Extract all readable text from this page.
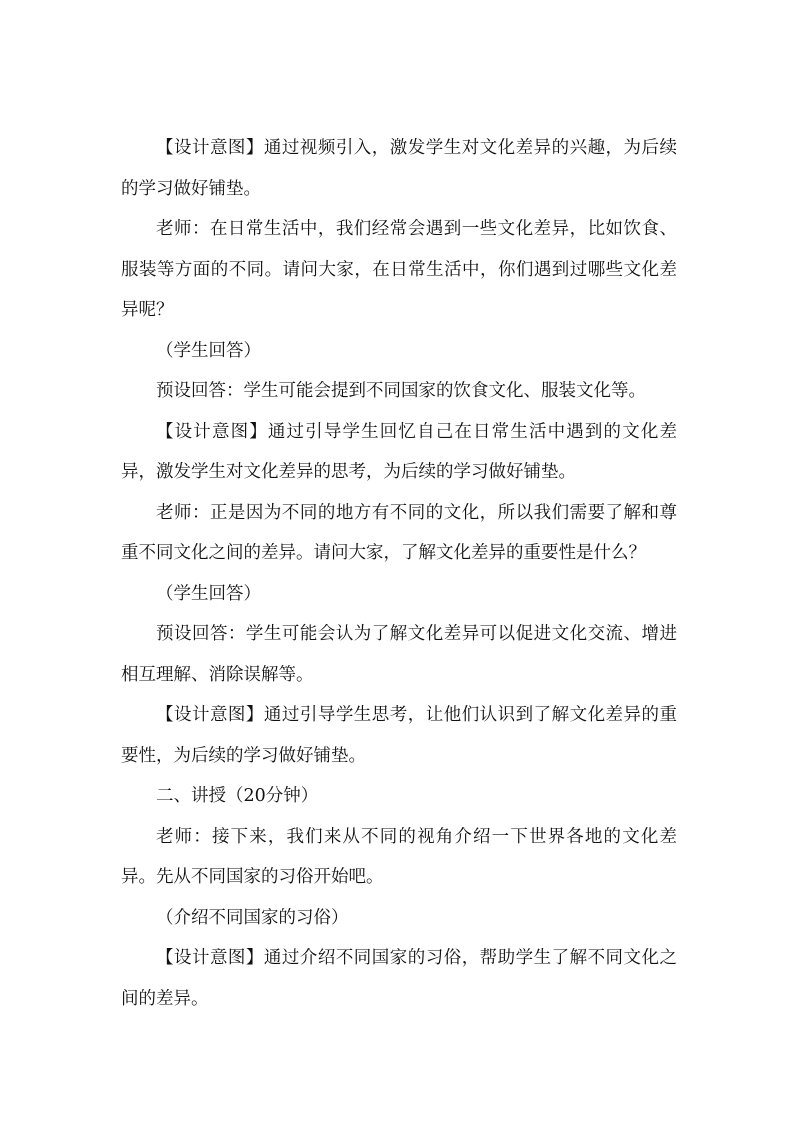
【设计意图】通过视频引入，激发学生对文化差异的兴趣，为后续的学习做好铺垫。

老师：在日常生活中，我们经常会遇到一些文化差异，比如饮食、服装等方面的不同。请问大家，在日常生活中，你们遇到过哪些文化差异呢？

（学生回答）

预设回答：学生可能会提到不同国家的饮食文化、服装文化等。

【设计意图】通过引导学生回忆自己在日常生活中遇到的文化差异，激发学生对文化差异的思考，为后续的学习做好铺垫。

老师：正是因为不同的地方有不同的文化，所以我们需要了解和尊重不同文化之间的差异。请问大家，了解文化差异的重要性是什么？

（学生回答）

预设回答：学生可能会认为了解文化差异可以促进文化交流、增进相互理解、消除误解等。

【设计意图】通过引导学生思考，让他们认识到了解文化差异的重要性，为后续的学习做好铺垫。

二、讲授（20分钟）

老师：接下来，我们来从不同的视角介绍一下世界各地的文化差异。先从不同国家的习俗开始吧。

（介绍不同国家的习俗）

【设计意图】通过介绍不同国家的习俗，帮助学生了解不同文化之间的差异。
